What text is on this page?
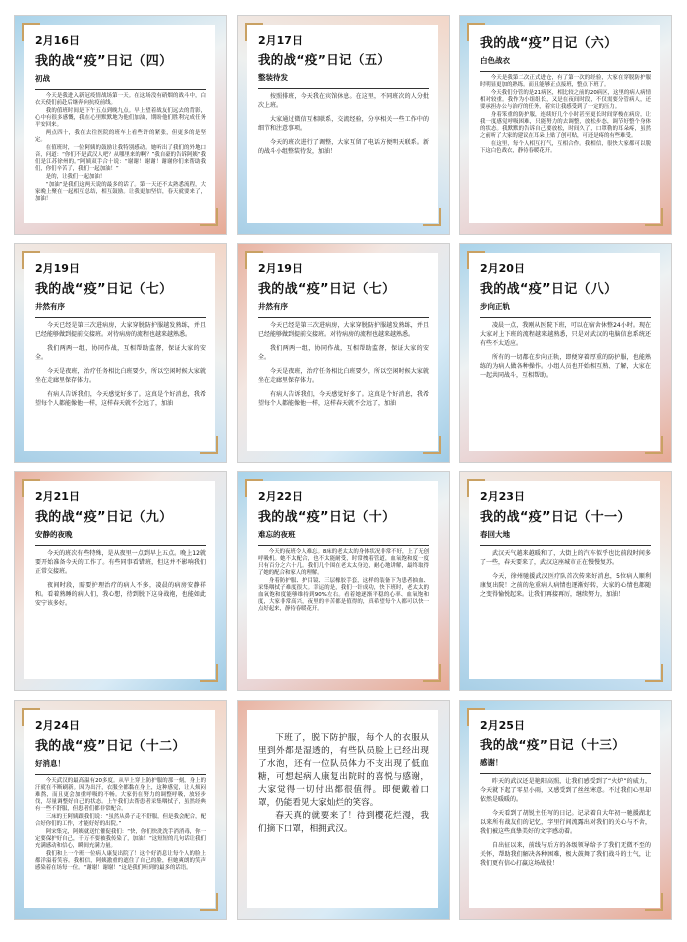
2月16日
我的战“疫”日记（四）
初战

今天是我进入新冠疫情战场第一天。在这场没有硝烟的战斗中，白衣天使们前赴后继奔向抗疫前线。

我的值班时间是下午五点到晚九点。早上望着战友们远去的背影，心中有很多感慨，我在心里默默地为他们加油，期盼他们胜利完成任务平安回来。

两点四十，我在去往医院的班车上看些许的紧张，但更多的是坚定。

在值班时，一位阿姨的鼓励让我特别感动。她听出了我们的外地口音，问道：“你们不是武汉人吧？从哪里来的啊？”我自豪的告诉阿姨“我们是江苏徐州的。”阿姨双手合十说：“谢谢！谢谢！谢谢你们来帮助我们，你们辛苦了，我们一起加油！”

是的，让我们一起加油！

“加油”是我们这两天说的最多的话了。第一天还不太熟悉流程，大家晚上聚在一起相互总结，相互鼓励。让我更加坚信，春天就要来了，加油！

2月17日
我的战“疫”日记（五）
整装待发

按照排班，今天我在宾馆休息。在这里，不同班次的人分批次上班。

大家通过微信互相联系，交流经验，分享相关一些工作中的细节和注意事项。

今天的班次进行了调整，大家互留了电话方便明天联系。新的战斗小组整装待发，加油！

我的战“疫”日记（六）
白色战衣

今天是我第二次正式进仓，有了第一次的经验，大家在穿脱防护服时明显更加的熟练。而且能够正点接班，整点下班了。

今天我们分管的是21病区，相比较之前的20病区，这里的病人病情相对较重。我作为小组组长，又是在夜间时段，不仅需要分管病人，还要承担办公与治疗的任务，着实让我感受到了一定的压力。

身着笨重的防护服，连续好几个小时甚至更长时间穿梭在病房，让我一度感觉呼吸困难，只能努力的去调整，放松步态，调节好整个身体的状态。我默默的告诉自己要放松，时间久了，口罩勒的耳朵疼，虽然之前听了大家的建议在耳朵上贴了创可贴，可还是疼的有些难受。

在这里，每个人相互打气，互相合作。我相信，很快大家都可以脱下这白色战衣，静待春暖花开。

2月19日
我的战“疫”日记（七）
井然有序

今天已经是第三次进病房，大家穿脱防护服越发熟练，并且已经能够做到提前交接班。对待病房的流程也越来越熟悉。

我们两两一组，协同作战，互相帮助监督，保证大家的安全。

今天是夜班，治疗任务相比白班要少，所以空闲时候大家就坐在走廊里保存体力。

有病人告诉我们，今天感觉好多了。这真是个好消息，我希望每个人都能像他一样，这样春天就不会远了，加油

2月19日
我的战“疫”日记（七）
井然有序

今天已经是第三次进病房，大家穿脱防护服越发熟练，并且已经能够做到提前交接班。对待病房的流程也越来越熟悉。

我们两两一组，协同作战，互相帮助监督，保证大家的安全。

今天是夜班，治疗任务相比白班要少，所以空闲时候大家就坐在走廊里保存体力。

有病人告诉我们，今天感觉好多了。这真是个好消息，我希望每个人都能像他一样，这样春天就不会远了，加油

2月20日
我的战“疫”日记（八）
步向正轨

凌晨一点，我刚从医院下班，可以在宿舍休整24小时。现在大家对上下班的流程越来越熟悉，只是对武汉的电脑信息系统还有些不太适应。

所有的一切都在步向正轨，即便穿着厚重的防护服，也能熟练的为病人做各种操作。小组人员也开始相互熟、了解，大家在一起共同战斗，互相帮助。

2月21日
我的战“疫”日记（九）
安静的夜晚

今天的班次有些特殊，是从夜里一点到早上五点。晚上12就要开始准备今天的工作了。有些同事看错班，但这并不影响我们正常交接班。

夜间时段，需要护理治疗的病人不多，凌晨的病房安静祥和。看着熟睡的病人们，我心想，待到脱下这身战袍，也能如此安宁该多好。

2月22日
我的战“疫”日记（十）
难忘的夜班

今天的夜班令人难忘。8床的老太太的身体状况非常不好，上了无创呼吸机。她不太配合，也不太能耐受，时常拽着管道，血氧饱和度一度只有百分之六十几。我们几个围在老太太身边，耐心地讲解，最终取得了她的配合和家人的理解。

身着防护服、护目镜、三层橡胶手套，这样的装备下为患者抽血、采集咽拭子难度很大。幸运的是，我们一针成功，快下班时，老太太的血氧饱和度能够维持到90%左右。看着她逐渐平稳的心率、血氧饱和度，大家非常高兴，夜里的辛苦都是值得的，真希望每个人都可以快一点好起来，静待春暖花开。

2月23日
我的战“疫”日记（十一）
春回大地

武汉天气越来越暖和了，大街上的汽车似乎也比前段时间多了一些，春天要来了，武汉这座城市正在慢慢复苏。

今天，徐州驰援武汉医疗队首次传来好消息，5位病人顺利康复出院！之前的危重病人病情也逐渐好转，大家的心情也都随之变得愉悦起来。让我们再接再厉，继续努力，加油！

2月24日
我的战“疫”日记（十二）
好消息！

今天武汉的最高温有20多度。从早上穿上防护服的那一刻，身上的汗就在不断刷新。因为出汗，衣服全都黏在身上，这种感觉，让人烦闷难熬，而且更会加重呼吸的不畅。大家仍在努力的调整呼吸，放轻步伐，尽量调整好自己的状态。上午我们去帮患者采集咽拭子，虽然经典有一些不舒服，但患者们都非常配合。

三床的王阿姨跟我们说：“虽然从鼻子走不舒服，但是我会配合，配合好你们的工作，才能好好的出院。”

阿宋集完，阿姨就送忙催促我们：“快，你们快洗洗手消消毒，你一定要保护好自己，千万不要被我传染了，加油！”这短短的几句话让我们充满感动和信心，瞬间充满力量。

我们和上一个班一位病人康复出院了！这个好消息让每个人的脸上都洋溢着笑容。我相信，阿姨激重的遮住了自己的脸，但她爽朗的笑声感染着在场每一位。“谢谢！谢谢！”这是我们听到的最多的话语。

下班了，脱下防护服，每个人的衣服从里到外都是湿透的，有些队员脸上已经出现了水泡，还有一位队员体力不支出现了低血糖，可想起病人康复出院时的喜悦与感谢，大家觉得一切付出都很值得。即便戴着口罩，仍能看见大家灿烂的笑容。

春天真的就要来了！待到樱花烂漫，我们摘下口罩，相拥武汉。

2月25日
我的战“疫”日记（十三）
感谢！

昨天的武汉还是艳阳高照，让我们感受到了“火炉”的威力，今天就下起了零星小雨，又感受到了丝丝寒意。不过我们心里却依然是暖暖的。

今天看到了胡锐主任写的日记。记录着自大年初一驰援湖北以来所有战友们的记忆，字里行间流露出对我们的关心与不舍，我们被这些真挚美好的文字感动着。

自出征以来，前线与后方的各级领导给予了我们无微不至的关怀，帮助我们解决各种困难，极大鼓舞了我们战斗的士气，让我们更有信心打赢这场战役！
